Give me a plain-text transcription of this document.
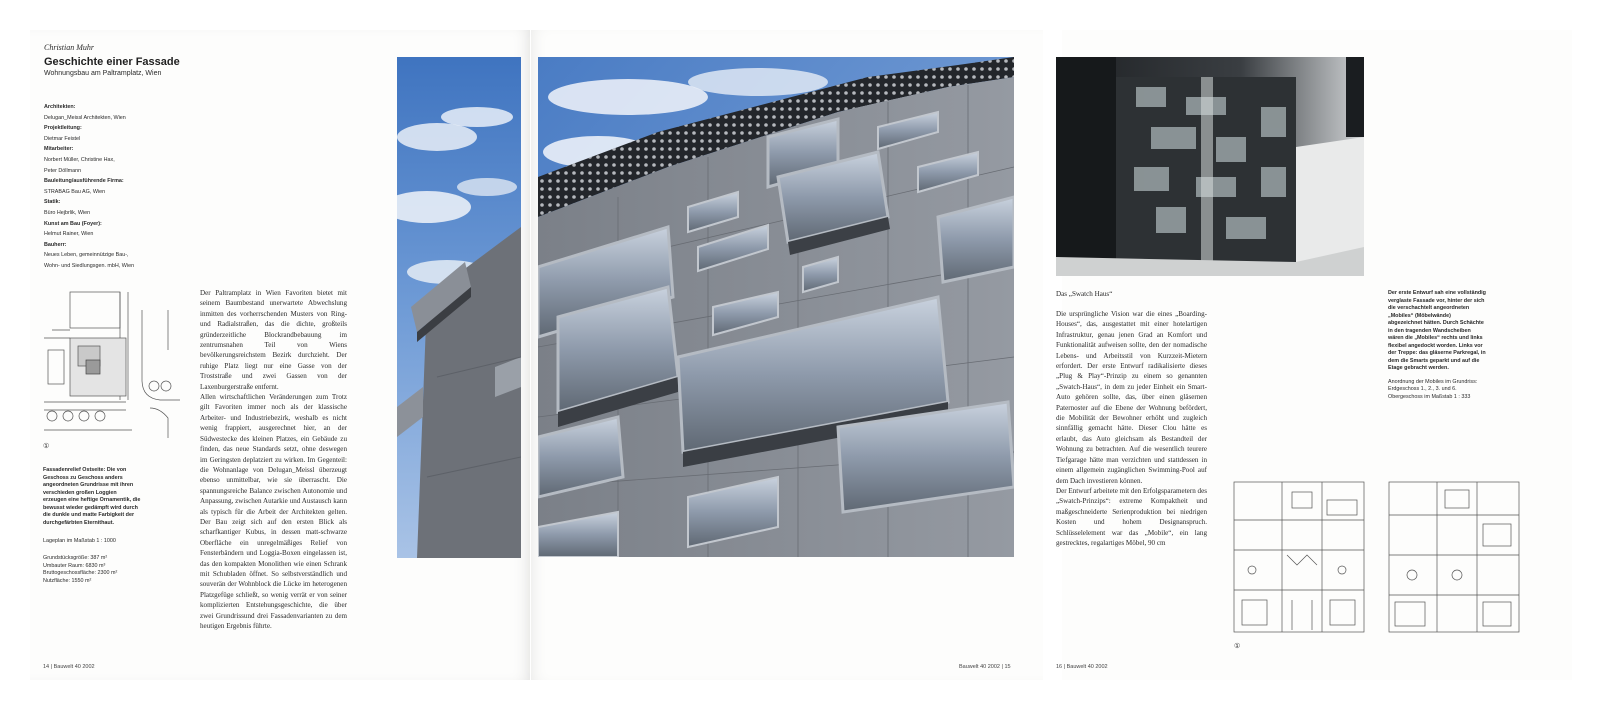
Christian Muhr
Geschichte einer Fassade
Wohnungsbau am Paltramplatz, Wien
Architekten:
Delugan_Meissl Architekten, Wien
Projektleitung:
Dietmar Feistel
Mitarbeiter:
Norbert Müller, Christine Hax, Peter Döllmann
Bauleitung/ausführende Firma:
STRABAG Bau AG, Wien
Statik:
Büro Hejbrlik, Wien
Kunst am Bau (Foyer):
Helmut Rainer, Wien
Bauherr:
Neues Leben, gemeinnützige Bau-, Wohn- und Siedlungsgen. mbH, Wien
①
Fassadenrelief Ostseite: Die von Geschoss zu Geschoss anders angeordneten Grundrisse mit ihren verschieden großen Loggien erzeugen eine heftige Ornamentik, die bewusst wieder gedämpft wird durch die dunkle und matte Farbigkeit der durchgefärbten Eternithaut.
Lageplan im Maßstab 1 : 1000
Grundstücksgröße: 387 m²
Umbauter Raum: 6830 m³
Bruttogeschossfläche: 2300 m²
Nutzfläche: 1550 m²
Der Paltramplatz in Wien Favoriten bietet mit seinem Baumbestand unerwartete Abwechslung inmitten des vorherrschenden Musters von Ring- und Radialstraßen, das die dichte, großteils gründerzeitliche Blockrandbebauung im zentrumsnahen Teil von Wiens bevölkerungsreichstem Bezirk durchzieht. Der ruhige Platz liegt nur eine Gasse von der Troststraße und zwei Gassen von der Laxenburgerstraße entfernt.
Allen wirtschaftlichen Veränderungen zum Trotz gilt Favoriten immer noch als der klassische Arbeiter- und Industriebezirk, weshalb es nicht wenig frappiert, ausgerechnet hier, an der Südwestecke des kleinen Platzes, ein Gebäude zu finden, das neue Standards setzt, ohne deswegen im Geringsten deplatziert zu wirken. Im Gegenteil: die Wohnanlage von Delugan_Meissl überzeugt ebenso unmittelbar, wie sie überrascht. Die spannungsreiche Balance zwischen Autonomie und Anpassung, zwischen Autarkie und Austausch kann als typisch für die Arbeit der Architekten gelten. Der Bau zeigt sich auf den ersten Blick als scharfkantiger Kubus, in dessen matt-schwarze Oberfläche ein unregelmäßiges Relief von Fensterbändern und Loggia-Boxen eingelassen ist, das den kompakten Monolithen wie einen Schrank mit Schubladen öffnet. So selbstverständlich und souverän der Wohnblock die Lücke im heterogenen Platzgefüge schließt, so wenig verrät er von seiner komplizierten Entstehungsgeschichte, die über zwei Grundrissund drei Fassadenvarianten zu dem heutigen Ergebnis führte.
14 | Bauwelt 40 2002	Bauwelt 40 2002 | 15
Das „Swatch Haus“
Die ursprüngliche Vision war die eines „Boarding-Houses“, das, ausgestattet mit einer hotelartigen Infrastruktur, genau jenen Grad an Komfort und Funktionalität aufweisen sollte, den der nomadische Lebens- und Arbeitsstil von Kurzzeit-Mietern erfordert. Der erste Entwurf radikalisierte dieses „Plug & Play“-Prinzip zu einem so genannten „Swatch-Haus“, in dem zu jeder Einheit ein Smart-Auto gehören sollte, das, über einen gläsernen Paternoster auf die Ebene der Wohnung befördert, die Mobilität der Bewohner erhöht und zugleich sinnfällig gemacht hätte. Dieser Clou hätte es erlaubt, das Auto gleichsam als Bestandteil der Wohnung zu betrachten. Auf die wesentlich teurere Tiefgarage hätte man verzichten und stattdessen in einem allgemein zugänglichen Swimming-Pool auf dem Dach investieren können.
Der Entwurf arbeitete mit den Erfolgsparametern des „Swatch-Prinzips“: extreme Kompaktheit und maßgeschneiderte Serienproduktion bei niedrigen Kosten und hohem Designanspruch. Schlüsselelement war das „Mobile“, ein lang gestrecktes, regalartiges Möbel, 90 cm
Der erste Entwurf sah eine vollständig verglaste Fassade vor, hinter der sich die verschachtelt angeordneten „Mobiles“ (Möbelwände) abgezeichnet hätten. Durch Schächte in den tragenden Wandscheiben wären die „Mobiles“ rechts und links flexibel angedockt worden. Links vor der Treppe: das gläserne Parkregal, in dem die Smarts geparkt und auf die Etage gebracht werden.
Anordnung der Mobiles im Grundriss: Erdgeschoss 1., 2., 3. und 6. Obergeschoss im Maßstab 1 : 333
①
16 | Bauwelt 40 2002
